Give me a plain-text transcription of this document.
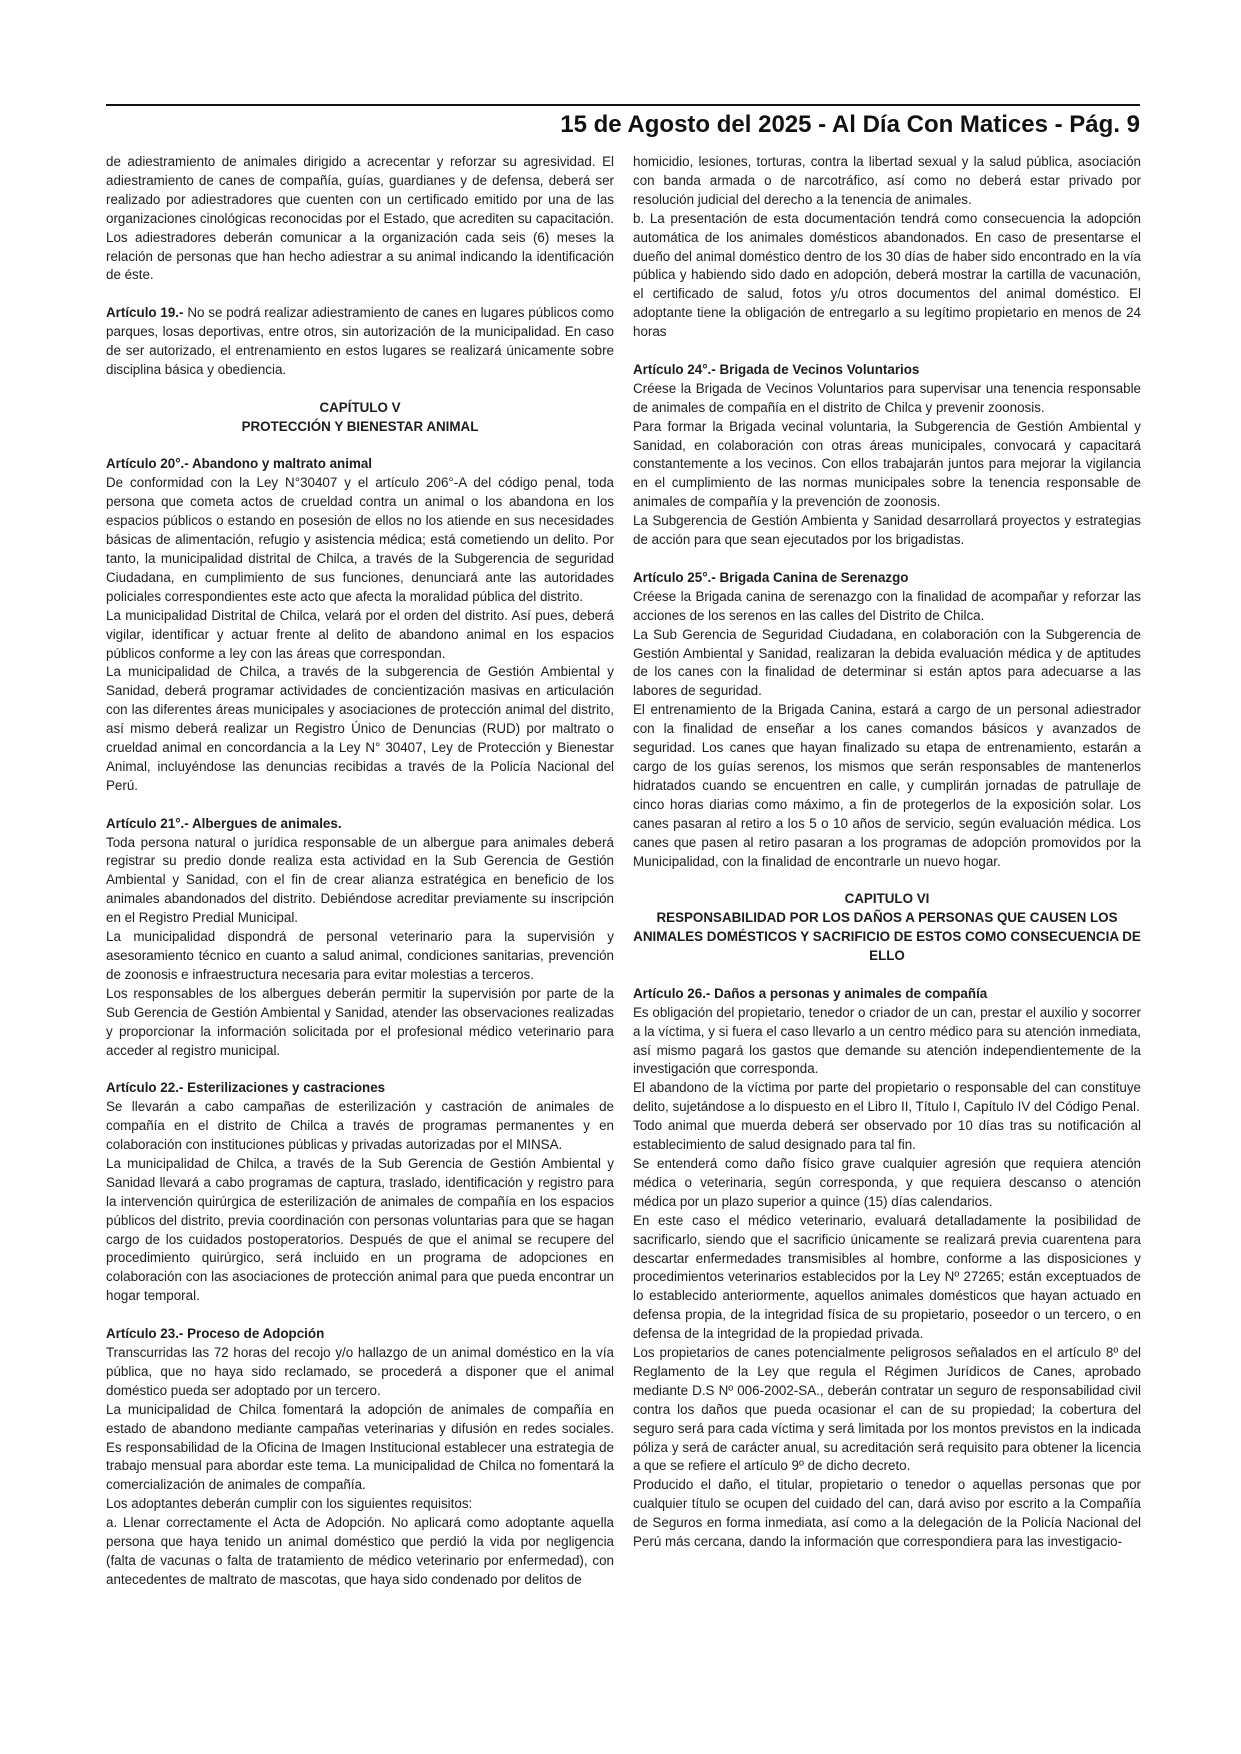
15 de Agosto del 2025 - Al Día Con Matices - Pág. 9

de adiestramiento de animales dirigido a acrecentar y reforzar su agresividad. El adiestramiento de canes de compañía, guías, guardianes y de defensa, deberá ser realizado por adiestradores que cuenten con un certificado emitido por una de las organizaciones cinológicas reconocidas por el Estado, que acrediten su capacitación. Los adiestradores deberán comunicar a la organización cada seis (6) meses la relación de personas que han hecho adiestrar a su animal indicando la identificación de éste.

Artículo 19.- No se podrá realizar adiestramiento de canes en lugares públicos como parques, losas deportivas, entre otros, sin autorización de la municipalidad. En caso de ser autorizado, el entrenamiento en estos lugares se realizará únicamente sobre disciplina básica y obediencia.

CAPÍTULO V

PROTECCIÓN Y BIENESTAR ANIMAL

Artículo 20°.- Abandono y maltrato animal

De conformidad con la Ley N°30407 y el artículo 206°-A del código penal, toda persona que cometa actos de crueldad contra un animal o los abandona en los espacios públicos o estando en posesión de ellos no los atiende en sus necesidades básicas de alimentación, refugio y asistencia médica; está cometiendo un delito. Por tanto, la municipalidad distrital de Chilca, a través de la Subgerencia de seguridad Ciudadana, en cumplimiento de sus funciones, denunciará ante las autoridades policiales correspondientes este acto que afecta la moralidad pública del distrito.

La municipalidad Distrital de Chilca, velará por el orden del distrito. Así pues, deberá vigilar, identificar y actuar frente al delito de abandono animal en los espacios públicos conforme a ley con las áreas que correspondan.

La municipalidad de Chilca, a través de la subgerencia de Gestión Ambiental y Sanidad, deberá programar actividades de concientización masivas en articulación con las diferentes áreas municipales y asociaciones de protección animal del distrito, así mismo deberá realizar un Registro Único de Denuncias (RUD) por maltrato o crueldad animal en concordancia a la Ley N° 30407, Ley de Protección y Bienestar Animal, incluyéndose las denuncias recibidas a través de la Policía Nacional del Perú.

Artículo 21°.- Albergues de animales.

Toda persona natural o jurídica responsable de un albergue para animales deberá registrar su predio donde realiza esta actividad en la Sub Gerencia de Gestión Ambiental y Sanidad, con el fin de crear alianza estratégica en beneficio de los animales abandonados del distrito. Debiéndose acreditar previamente su inscripción en el Registro Predial Municipal.

La municipalidad dispondrá de personal veterinario para la supervisión y asesoramiento técnico en cuanto a salud animal, condiciones sanitarias, prevención de zoonosis e infraestructura necesaria para evitar molestias a terceros.

Los responsables de los albergues deberán permitir la supervisión por parte de la Sub Gerencia de Gestión Ambiental y Sanidad, atender las observaciones realizadas y proporcionar la información solicitada por el profesional médico veterinario para acceder al registro municipal.

Artículo 22.- Esterilizaciones y castraciones

Se llevarán a cabo campañas de esterilización y castración de animales de compañía en el distrito de Chilca a través de programas permanentes y en colaboración con instituciones públicas y privadas autorizadas por el MINSA.

La municipalidad de Chilca, a través de la Sub Gerencia de Gestión Ambiental y Sanidad llevará a cabo programas de captura, traslado, identificación y registro para la intervención quirúrgica de esterilización de animales de compañía en los espacios públicos del distrito, previa coordinación con personas voluntarias para que se hagan cargo de los cuidados postoperatorios. Después de que el animal se recupere del procedimiento quirúrgico, será incluido en un programa de adopciones en colaboración con las asociaciones de protección animal para que pueda encontrar un hogar temporal.

Artículo 23.- Proceso de Adopción

Transcurridas las 72 horas del recojo y/o hallazgo de un animal doméstico en la vía pública, que no haya sido reclamado, se procederá a disponer que el animal doméstico pueda ser adoptado por un tercero.

La municipalidad de Chilca fomentará la adopción de animales de compañía en estado de abandono mediante campañas veterinarias y difusión en redes sociales. Es responsabilidad de la Oficina de Imagen Institucional establecer una estrategia de trabajo mensual para abordar este tema. La municipalidad de Chilca no fomentará la comercialización de animales de compañía.

Los adoptantes deberán cumplir con los siguientes requisitos:

a. Llenar correctamente el Acta de Adopción. No aplicará como adoptante aquella persona que haya tenido un animal doméstico que perdió la vida por negligencia (falta de vacunas o falta de tratamiento de médico veterinario por enfermedad), con antecedentes de maltrato de mascotas, que haya sido condenado por delitos de

homicidio, lesiones, torturas, contra la libertad sexual y la salud pública, asociación con banda armada o de narcotráfico, así como no deberá estar privado por resolución judicial del derecho a la tenencia de animales.

b. La presentación de esta documentación tendrá como consecuencia la adopción automática de los animales domésticos abandonados. En caso de presentarse el dueño del animal doméstico dentro de los 30 días de haber sido encontrado en la vía pública y habiendo sido dado en adopción, deberá mostrar la cartilla de vacunación, el certificado de salud, fotos y/u otros documentos del animal doméstico. El adoptante tiene la obligación de entregarlo a su legítimo propietario en menos de 24 horas

Artículo 24°.- Brigada de Vecinos Voluntarios

Créese la Brigada de Vecinos Voluntarios para supervisar una tenencia responsable de animales de compañía en el distrito de Chilca y prevenir zoonosis.

Para formar la Brigada vecinal voluntaria, la Subgerencia de Gestión Ambiental y Sanidad, en colaboración con otras áreas municipales, convocará y capacitará constantemente a los vecinos. Con ellos trabajarán juntos para mejorar la vigilancia en el cumplimiento de las normas municipales sobre la tenencia responsable de animales de compañía y la prevención de zoonosis.

La Subgerencia de Gestión Ambienta y Sanidad desarrollará proyectos y estrategias de acción para que sean ejecutados por los brigadistas.

Artículo 25°.- Brigada Canina de Serenazgo

Créese la Brigada canina de serenazgo con la finalidad de acompañar y reforzar las acciones de los serenos en las calles del Distrito de Chilca.

La Sub Gerencia de Seguridad Ciudadana, en colaboración con la Subgerencia de Gestión Ambiental y Sanidad, realizaran la debida evaluación médica y de aptitudes de los canes con la finalidad de determinar si están aptos para adecuarse a las labores de seguridad.

El entrenamiento de la Brigada Canina, estará a cargo de un personal adiestrador con la finalidad de enseñar a los canes comandos básicos y avanzados de seguridad. Los canes que hayan finalizado su etapa de entrenamiento, estarán a cargo de los guías serenos, los mismos que serán responsables de mantenerlos hidratados cuando se encuentren en calle, y cumplirán jornadas de patrullaje de cinco horas diarias como máximo, a fin de protegerlos de la exposición solar. Los canes pasaran al retiro a los 5 o 10 años de servicio, según evaluación médica. Los canes que pasen al retiro pasaran a los programas de adopción promovidos por la Municipalidad, con la finalidad de encontrarle un nuevo hogar.

CAPITULO VI

RESPONSABILIDAD POR LOS DAÑOS A PERSONAS QUE CAUSEN LOS ANIMALES DOMÉSTICOS Y SACRIFICIO DE ESTOS COMO CONSECUENCIA DE ELLO

Artículo 26.- Daños a personas y animales de compañía

Es obligación del propietario, tenedor o criador de un can, prestar el auxilio y socorrer a la víctima, y si fuera el caso llevarlo a un centro médico para su atención inmediata, así mismo pagará los gastos que demande su atención independientemente de la investigación que corresponda.

El abandono de la víctima por parte del propietario o responsable del can constituye delito, sujetándose a lo dispuesto en el Libro II, Título I, Capítulo IV del Código Penal.

Todo animal que muerda deberá ser observado por 10 días tras su notificación al establecimiento de salud designado para tal fin.

Se entenderá como daño físico grave cualquier agresión que requiera atención médica o veterinaria, según corresponda, y que requiera descanso o atención médica por un plazo superior a quince (15) días calendarios.

En este caso el médico veterinario, evaluará detalladamente la posibilidad de sacrificarlo, siendo que el sacrificio únicamente se realizará previa cuarentena para descartar enfermedades transmisibles al hombre, conforme a las disposiciones y procedimientos veterinarios establecidos por la Ley Nº 27265; están exceptuados de lo establecido anteriormente, aquellos animales domésticos que hayan actuado en defensa propia, de la integridad física de su propietario, poseedor o un tercero, o en defensa de la integridad de la propiedad privada.

Los propietarios de canes potencialmente peligrosos señalados en el artículo 8º del Reglamento de la Ley que regula el Régimen Jurídicos de Canes, aprobado mediante D.S Nº 006-2002-SA., deberán contratar un seguro de responsabilidad civil contra los daños que pueda ocasionar el can de su propiedad; la cobertura del seguro será para cada víctima y será limitada por los montos previstos en la indicada póliza y será de carácter anual, su acreditación será requisito para obtener la licencia a que se refiere el artículo 9º de dicho decreto.

Producido el daño, el titular, propietario o tenedor o aquellas personas que por cualquier título se ocupen del cuidado del can, dará aviso por escrito a la Compañía de Seguros en forma inmediata, así como a la delegación de la Policía Nacional del Perú más cercana, dando la información que correspondiera para las investigacio-
